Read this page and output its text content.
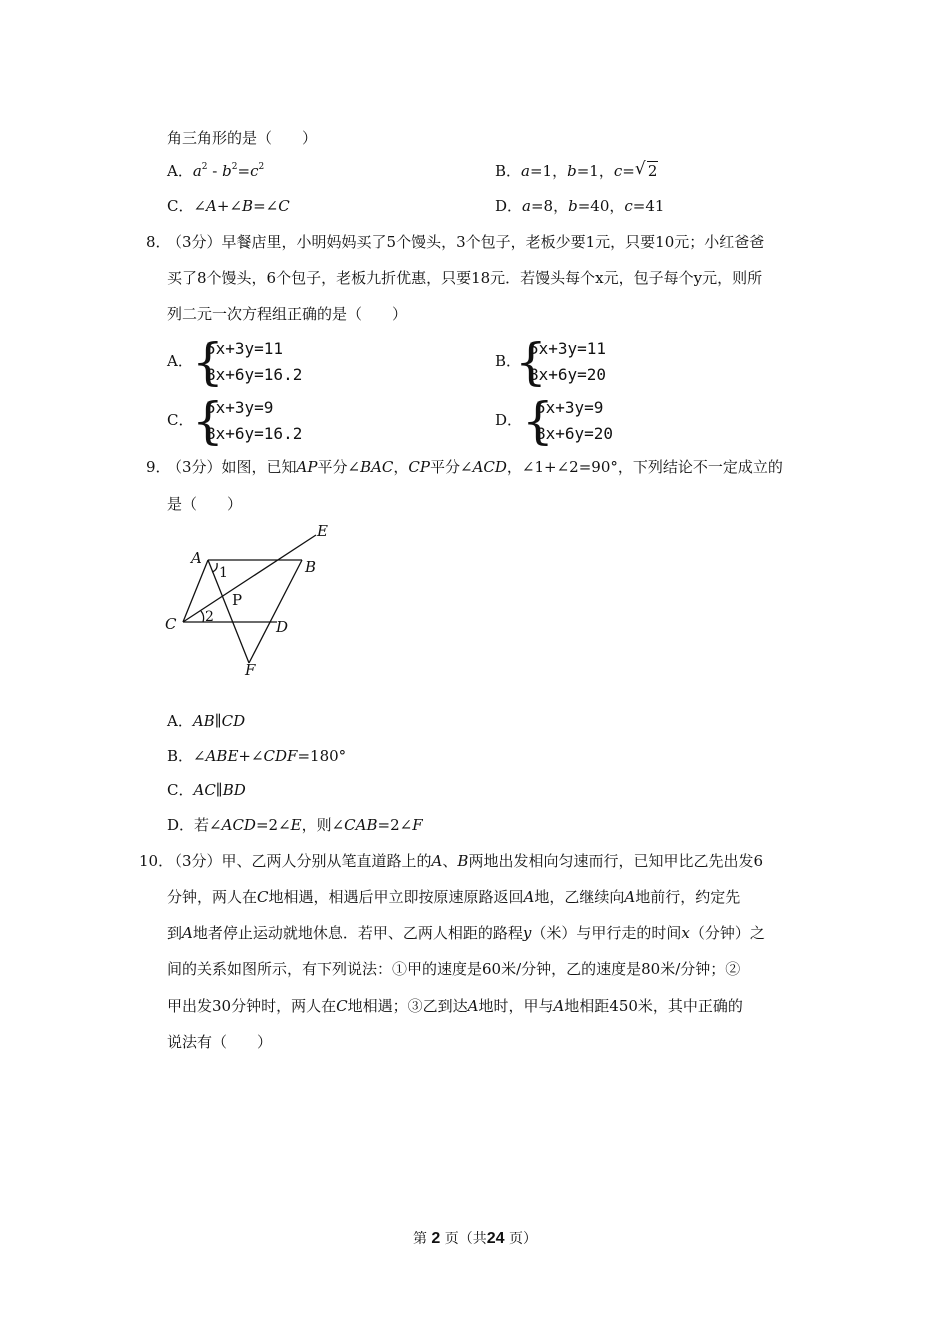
角三角形的是（　　）
A．$a^2 - b^2=c^2$	B．a=1，b=1，c=√ 2
C．∠A+∠B=∠C	D．a=8，b=40，c=41
8．
（3分）早餐店里，小明妈妈买了5个馒头，3个包子，老板少要1元，只要10元；小红爸爸
买了8个馒头，6个包子，老板九折优惠，只要18元．若馒头每个x元，包子每个y元，则所
列二元一次方程组正确的是（　　）
A． {
5x+3y=11
8x+6y=16.2
B．
{
5x+3y=11
8x+6y=20
C．
{
5x+3y=9
8x+6y=16.2
D． {
5x+3y=9
8x+6y=20
9．
（3分）如图，已知AP平分∠BAC，CP平分∠ACD，∠1+∠2=90°，下列结论不一定成立的
是（　　）
A	B
C	D
E
F
P
1
2
A．AB∥CD
B．∠ABE+∠CDF=180°
C．AC∥BD
D．若∠ACD=2∠E，则∠CAB=2∠F
10．
（3分）甲、乙两人分别从笔直道路上的A、B两地出发相向匀速而行，已知甲比乙先出发6
分钟，两人在C地相遇，相遇后甲立即按原速原路返回A地，乙继续向A地前行，约定先
到A地者停止运动就地休息．若甲、乙两人相距的路程y（米）与甲行走的时间x（分钟）之
间的关系如图所示，有下列说法：①甲的速度是60米/分钟，乙的速度是80米/分钟；②
甲出发30分钟时，两人在C地相遇；③乙到达A地时，甲与A地相距450米，其中正确的
说法有（　　）
第 2 页（共24 页）
